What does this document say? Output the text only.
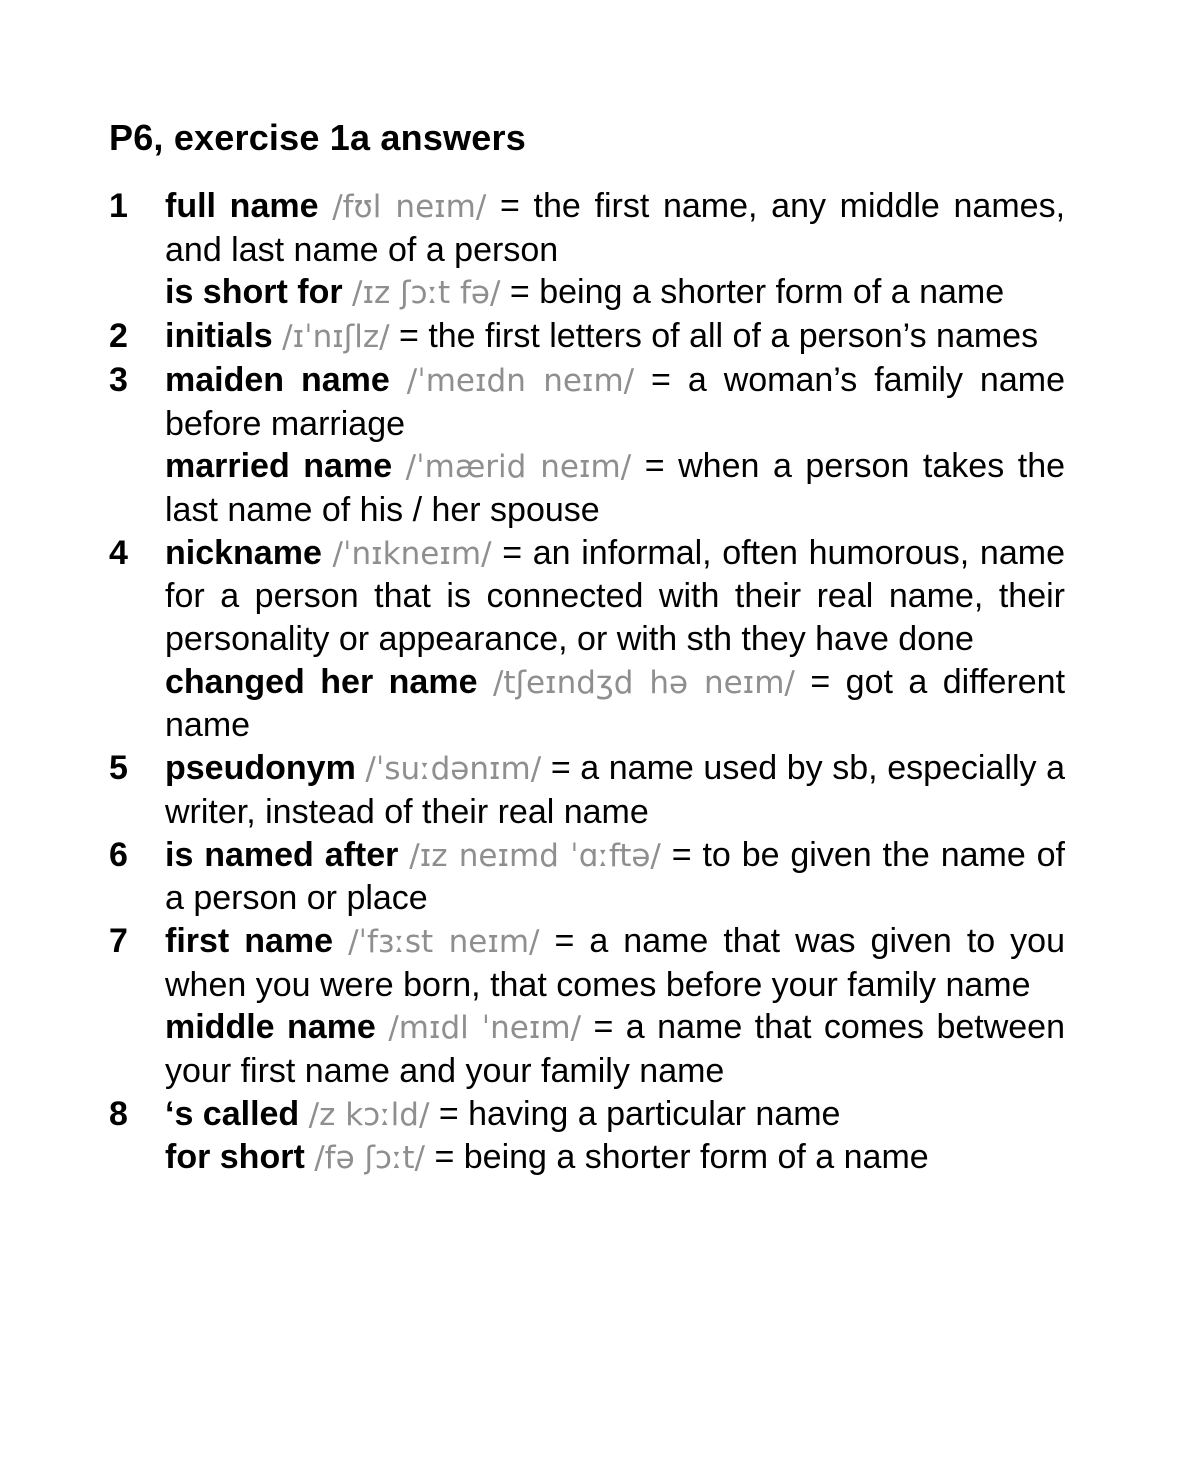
P6, exercise 1a answers
1	full name /fʊl neɪm/ = the first name, any middle names, and last name of a person

is short for /ɪz ʃɔːt fə/ = being a shorter form of a name

2	initials /ɪˈnɪʃlz/ = the first letters of all of a person’s names

3	maiden name /ˈmeɪdn neɪm/ = a woman’s family name before marriage

married name /ˈmærid neɪm/ = when a person takes the last name of his / her spouse

4	nickname /ˈnɪkneɪm/ = an informal, often humorous, name for a person that is connected with their real name, their personality or appearance, or with sth they have done

changed her name /tʃeɪndʒd hə neɪm/ = got a different name

5	pseudonym /ˈsuːdənɪm/ = a name used by sb, especially a writer, instead of their real name

6	is named after /ɪz neɪmd ˈɑːftə/ = to be given the name of a person or place

7	first name /ˈfɜːst neɪm/ = a name that was given to you when you were born, that comes before your family name

middle name /mɪdl ˈneɪm/ = a name that comes between your first name and your family name

8	‘s called /z kɔːld/ = having a particular name

for short /fə ʃɔːt/ = being a shorter form of a name
